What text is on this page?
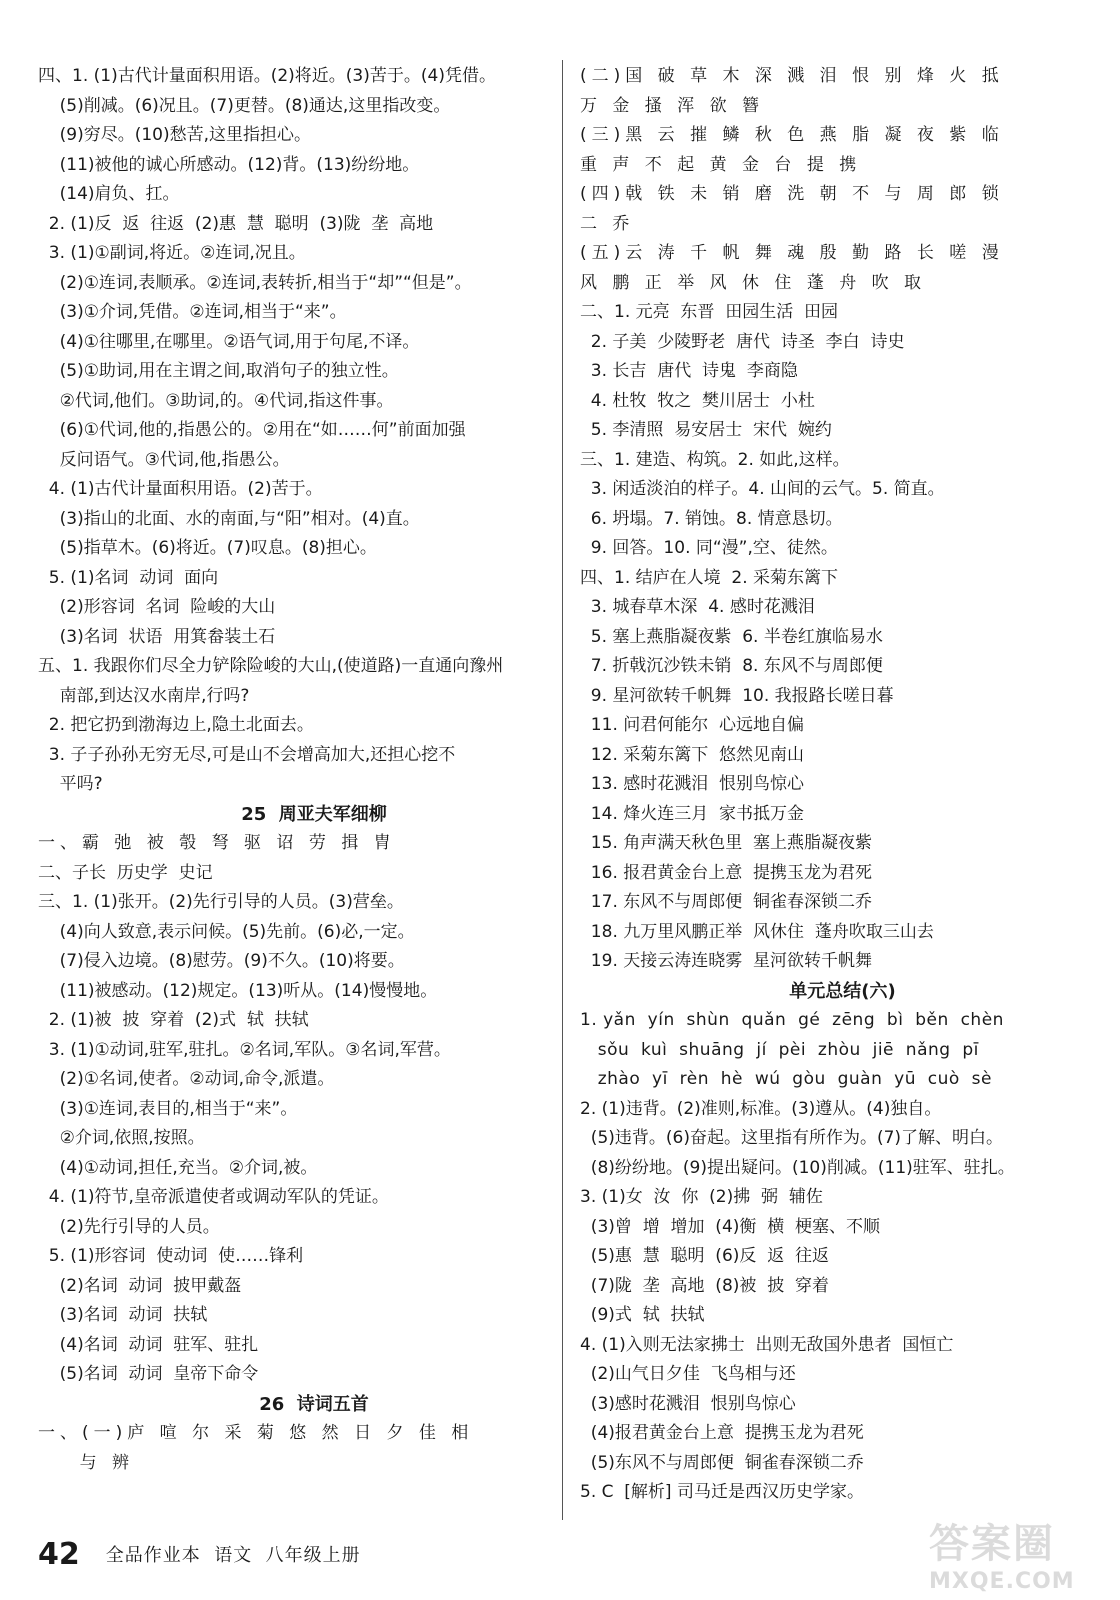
四、1. (1)古代计量面积用语。(2)将近。(3)苦于。(4)凭借。
(5)削减。(6)况且。(7)更替。(8)通达,这里指改变。
(9)穷尽。(10)愁苦,这里指担心。
(11)被他的诚心所感动。(12)背。(13)纷纷地。
(14)肩负、扛。
2. (1)反  返  往返  (2)惠  慧  聪明  (3)陇  垄  高地
3. (1)①副词,将近。②连词,况且。
(2)①连词,表顺承。②连词,表转折,相当于“却”“但是”。
(3)①介词,凭借。②连词,相当于“来”。
(4)①往哪里,在哪里。②语气词,用于句尾,不译。
(5)①助词,用在主谓之间,取消句子的独立性。
②代词,他们。③助词,的。④代词,指这件事。
(6)①代词,他的,指愚公的。②用在“如……何”前面加强
反问语气。③代词,他,指愚公。
4. (1)古代计量面积用语。(2)苦于。
(3)指山的北面、水的南面,与“阳”相对。(4)直。
(5)指草木。(6)将近。(7)叹息。(8)担心。
5. (1)名词  动词  面向
(2)形容词  名词  险峻的大山
(3)名词  状语  用箕畚装土石
五、1. 我跟你们尽全力铲除险峻的大山,(使道路)一直通向豫州
南部,到达汉水南岸,行吗?
2. 把它扔到渤海边上,隐土北面去。
3. 子子孙孙无穷无尽,可是山不会增高加大,还担心挖不
平吗?
25  周亚夫军细柳
一、霸 弛 被 彀 弩 驱 诏 劳 揖 胄
二、子长  历史学  史记
三、1. (1)张开。(2)先行引导的人员。(3)营垒。
(4)向人致意,表示问候。(5)先前。(6)必,一定。
(7)侵入边境。(8)慰劳。(9)不久。(10)将要。
(11)被感动。(12)规定。(13)听从。(14)慢慢地。
2. (1)被  披  穿着  (2)式  轼  扶轼
3. (1)①动词,驻军,驻扎。②名词,军队。③名词,军营。
(2)①名词,使者。②动词,命令,派遣。
(3)①连词,表目的,相当于“来”。
②介词,依照,按照。
(4)①动词,担任,充当。②介词,被。
4. (1)符节,皇帝派遣使者或调动军队的凭证。
(2)先行引导的人员。
5. (1)形容词  使动词  使……锋利
(2)名词  动词  披甲戴盔
(3)名词  动词  扶轼
(4)名词  动词  驻军、驻扎
(5)名词  动词  皇帝下命令
26  诗词五首
一、(一)庐 喧 尔 采 菊 悠 然 日 夕 佳 相
与 辨
(二)国 破 草 木 深 溅 泪 恨 别 烽 火 抵
万 金 搔 浑 欲 簪
(三)黑 云 摧 鳞 秋 色 燕 脂 凝 夜 紫 临
重 声 不 起 黄 金 台 提 携
(四)戟 铁 未 销 磨 洗 朝 不 与 周 郎 锁
二 乔
(五)云 涛 千 帆 舞 魂 殷 勤 路 长 嗟 漫
风 鹏 正 举 风 休 住 蓬 舟 吹 取
二、1. 元亮  东晋  田园生活  田园
2. 子美  少陵野老  唐代  诗圣  李白  诗史
3. 长吉  唐代  诗鬼  李商隐
4. 杜牧  牧之  樊川居士  小杜
5. 李清照  易安居士  宋代  婉约
三、1. 建造、构筑。2. 如此,这样。
3. 闲适淡泊的样子。4. 山间的云气。5. 简直。
6. 坍塌。7. 销蚀。8. 情意恳切。
9. 回答。10. 同“漫”,空、徒然。
四、1. 结庐在人境  2. 采菊东篱下
3. 城春草木深  4. 感时花溅泪
5. 塞上燕脂凝夜紫  6. 半卷红旗临易水
7. 折戟沉沙铁未销  8. 东风不与周郎便
9. 星河欲转千帆舞  10. 我报路长嗟日暮
11. 问君何能尔  心远地自偏
12. 采菊东篱下  悠然见南山
13. 感时花溅泪  恨别鸟惊心
14. 烽火连三月  家书抵万金
15. 角声满天秋色里  塞上燕脂凝夜紫
16. 报君黄金台上意  提携玉龙为君死
17. 东风不与周郎便  铜雀春深锁二乔
18. 九万里风鹏正举  风休住  蓬舟吹取三山去
19. 天接云涛连晓雾  星河欲转千帆舞
单元总结(六)
1. yǎn  yín  shùn  quǎn  gé  zēng  bì  běn  chèn
sǒu  kuì  shuāng  jí  pèi  zhòu  jiē  nǎng  pī
zhào  yī  rèn  hè  wú  gòu  guàn  yū  cuò  sè
2. (1)违背。(2)准则,标准。(3)遵从。(4)独自。
(5)违背。(6)奋起。这里指有所作为。(7)了解、明白。
(8)纷纷地。(9)提出疑问。(10)削减。(11)驻军、驻扎。
3. (1)女  汝  你  (2)拂  弼  辅佐
(3)曾  增  增加  (4)衡  横  梗塞、不顺
(5)惠  慧  聪明  (6)反  返  往返
(7)陇  垄  高地  (8)被  披  穿着
(9)式  轼  扶轼
4. (1)入则无法家拂士  出则无敌国外患者  国恒亡
(2)山气日夕佳  飞鸟相与还
(3)感时花溅泪  恨别鸟惊心
(4)报君黄金台上意  提携玉龙为君死
(5)东风不与周郎便  铜雀春深锁二乔
5. C  [解析] 司马迁是西汉历史学家。
42 全品作业本  语文  八年级上册	答案圈
MXQE.COM
